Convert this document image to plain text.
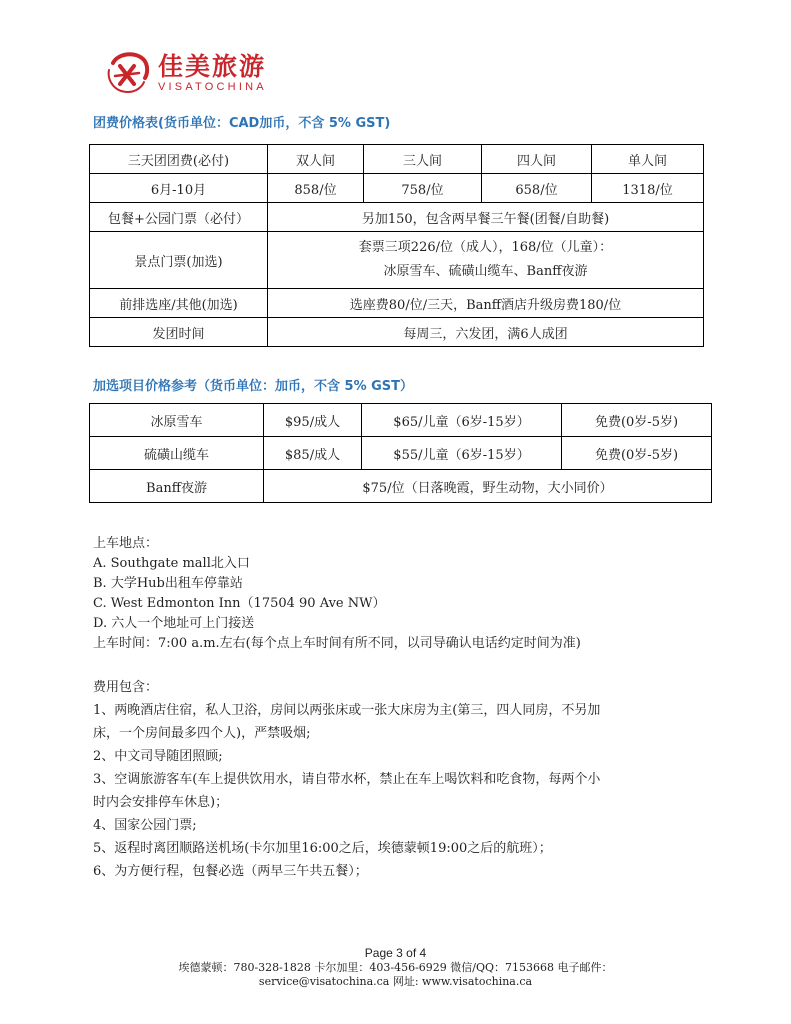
佳美旅游
VISATOCHINA
团费价格表(货币单位：CAD加币，不含 5% GST)
三天团团费(必付)	双人间	三人间	四人间	单人间
6月-10月	858/位	758/位	658/位	1318/位
包餐+公园门票（必付）	另加150，包含两早餐三午餐(团餐/自助餐)			
景点门票(加选)	套票三项226/位（成人），168/位（儿童）：
冰原雪车、硫磺山缆车、Banff夜游			

前排选座/其他(加选)	选座费80/位/三天，Banff酒店升级房费180/位			
发团时间	每周三，六发团，满6人成团			
加选项目价格参考（货币单位：加币，不含 5% GST）
冰原雪车	$95/成人	$65/儿童（6岁-15岁）	免费(0岁-5岁)
硫磺山缆车	$85/成人	$55/儿童（6岁-15岁）	免费(0岁-5岁)
Banff夜游	$75/位（日落晚霞，野生动物，大小同价）		
上车地点：
A. Southgate mall北入口
B. 大学Hub出租车停靠站
C. West Edmonton Inn（17504 90 Ave NW）
D. 六人一个地址可上门接送
上车时间：7:00 a.m.左右(每个点上车时间有所不同，以司导确认电话约定时间为准)
费用包含：
1、两晚酒店住宿，私人卫浴，房间以两张床或一张大床房为主(第三，四人同房，不另加
床，一个房间最多四个人)，严禁吸烟;
2、中文司导随团照顾;
3、空调旅游客车(车上提供饮用水，请自带水杯，禁止在车上喝饮料和吃食物，每两个小
时内会安排停车休息)；
4、国家公园门票;
5、返程时离团顺路送机场(卡尔加里16:00之后，埃德蒙顿19:00之后的航班）；
6、为方便行程，包餐必选（两早三午共五餐）；
Page 3 of 4
埃德蒙顿：780-328-1828 卡尔加里：403-456-6929 微信/QQ：7153668 电子邮件：
service@visatochina.ca 网址: www.visatochina.ca
